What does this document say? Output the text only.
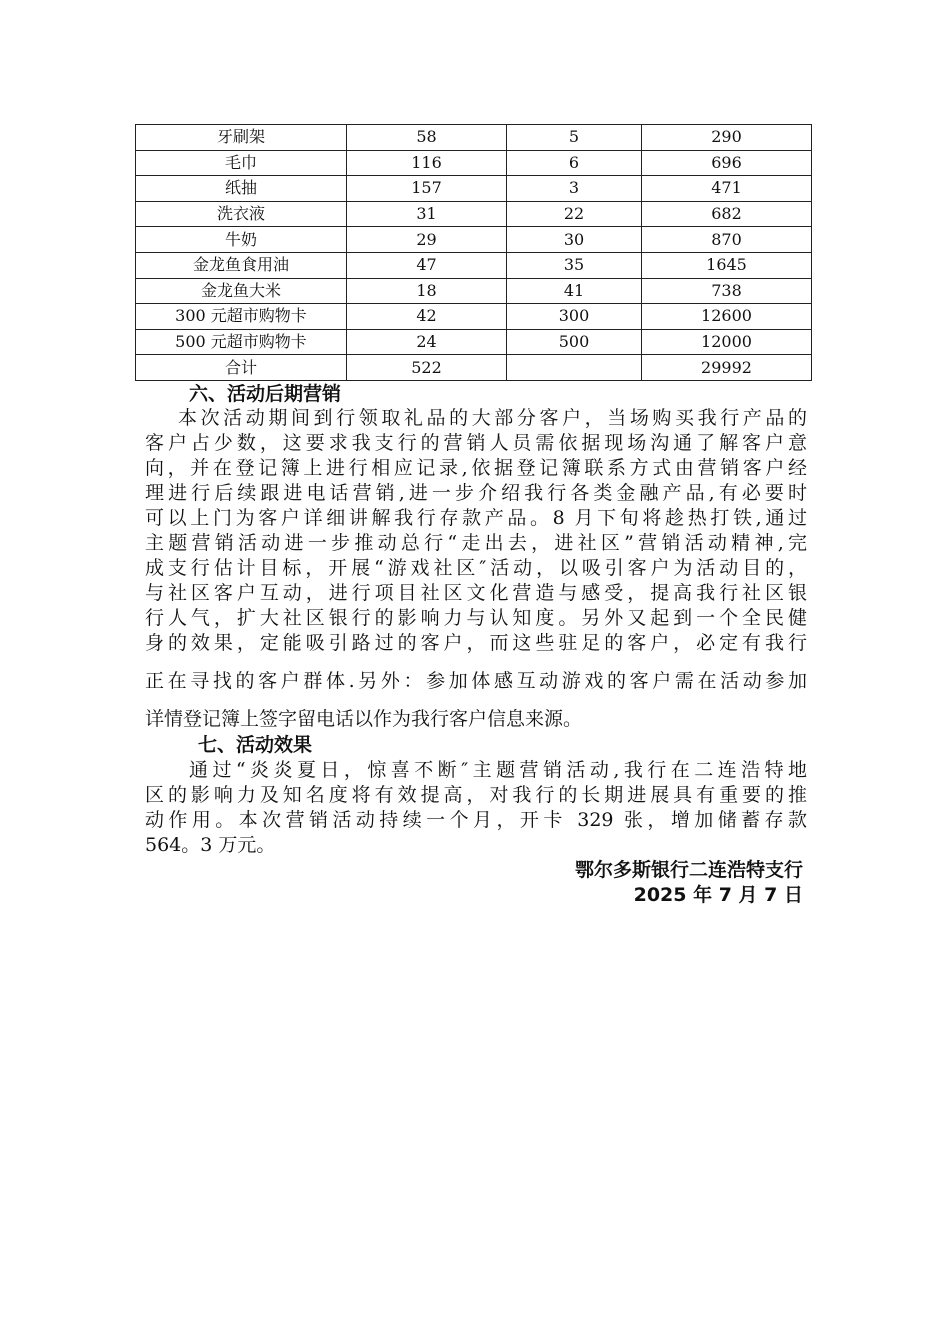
牙刷架	58	5	290
毛巾	116	6	696
纸抽	157	3	471
洗衣液	31	22	682
牛奶	29	30	870
金龙鱼食用油	47	35	1645
金龙鱼大米	18	41	738
300 元超市购物卡	42	300	12600
500 元超市购物卡	24	500	12000
合计	522		29992
六、活动后期营销
本次活动期间到行领取礼品的大部分客户，当场购买我行产品的
客户占少数，这要求我支行的营销人员需依据现场沟通了解客户意
向，并在登记簿上进行相应记录,依据登记簿联系方式由营销客户经
理进行后续跟进电话营销,进一步介绍我行各类金融产品,有必要时
可以上门为客户详细讲解我行存款产品。8 月下旬将趁热打铁,通过
主题营销活动进一步推动总行“走出去，进社区”营销活动精神,完
成支行估计目标，开展“游戏社区″活动，以吸引客户为活动目的，
与社区客户互动，进行项目社区文化营造与感受，提高我行社区银
行人气，扩大社区银行的影响力与认知度。另外又起到一个全民健
身的效果，定能吸引路过的客户，而这些驻足的客户，必定有我行
正在寻找的客户群体.另外：参加体感互动游戏的客户需在活动参加
详情登记簿上签字留电话以作为我行客户信息来源。
七、活动效果
通过“炎炎夏日，惊喜不断″主题营销活动,我行在二连浩特地
区的影响力及知名度将有效提高，对我行的长期进展具有重要的推
动作用。本次营销活动持续一个月，开卡 329 张，增加储蓄存款
564。3 万元。
鄂尔多斯银行二连浩特支行
2025 年 7 月 7 日
